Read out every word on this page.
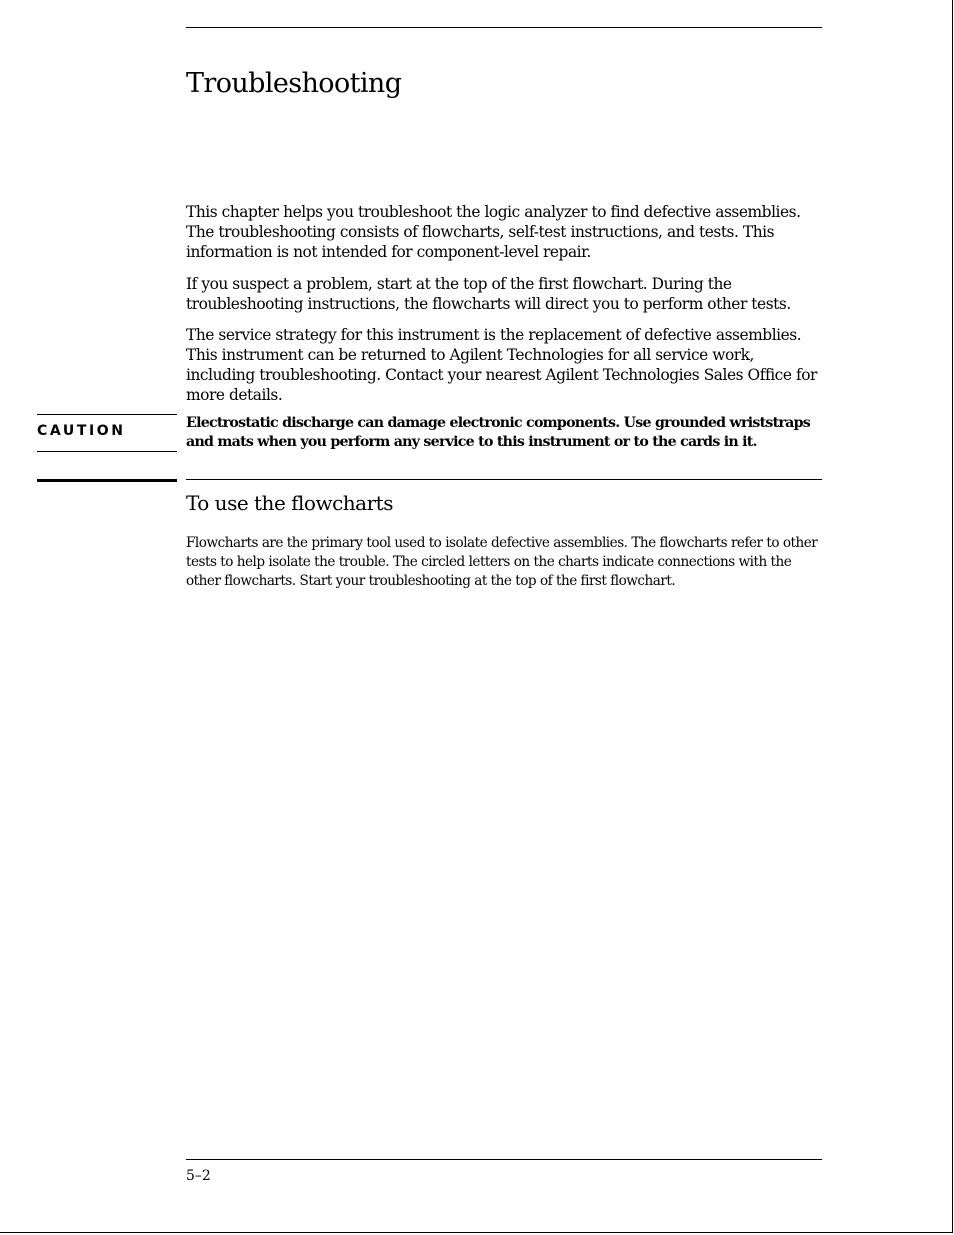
Troubleshooting

This chapter helps you troubleshoot the logic analyzer to find defective assemblies. The troubleshooting consists of flowcharts, self-test instructions, and tests. This information is not intended for component-level repair.

If you suspect a problem, start at the top of the first flowchart. During the troubleshooting instructions, the flowcharts will direct you to perform other tests.

The service strategy for this instrument is the replacement of defective assemblies. This instrument can be returned to Agilent Technologies for all service work, including troubleshooting. Contact your nearest Agilent Technologies Sales Office for more details.

CAUTION	Electrostatic discharge can damage electronic components. Use grounded wriststraps and mats when you perform any service to this instrument or to the cards in it.

To use the flowcharts

Flowcharts are the primary tool used to isolate defective assemblies. The flowcharts refer to other tests to help isolate the trouble. The circled letters on the charts indicate connections with the other flowcharts. Start your troubleshooting at the top of the first flowchart.

5–2
